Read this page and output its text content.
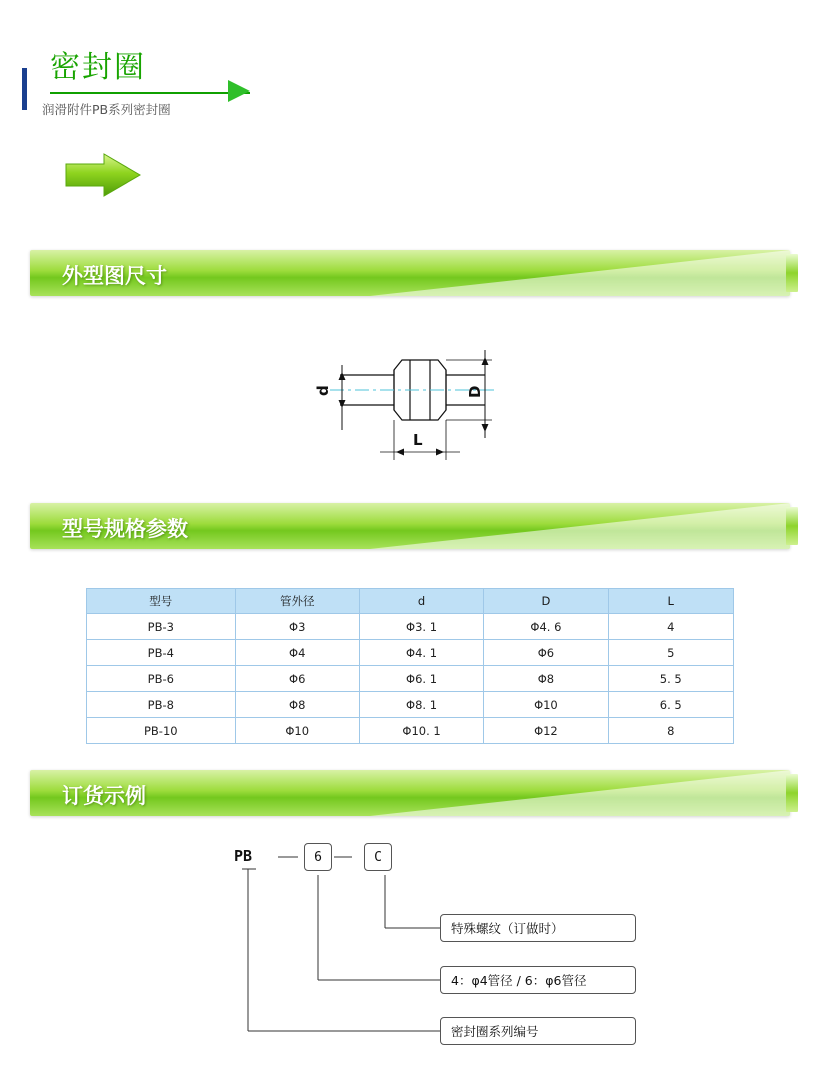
密封圈
润滑附件PB系列密封圈
外型图尺寸
d	D
L
型号规格参数
型号	管外径	d	D	L
PB-3	Φ3	Φ3. 1	Φ4. 6	4
PB-4	Φ4	Φ4. 1	Φ6	5
PB-6	Φ6	Φ6. 1	Φ8	5. 5
PB-8	Φ8	Φ8. 1	Φ10	6. 5
PB-10	Φ10	Φ10. 1	Φ12	8
订货示例
PB	6	C
特殊螺纹（订做时）
4：φ4管径 / 6：φ6管径
密封圈系列编号
